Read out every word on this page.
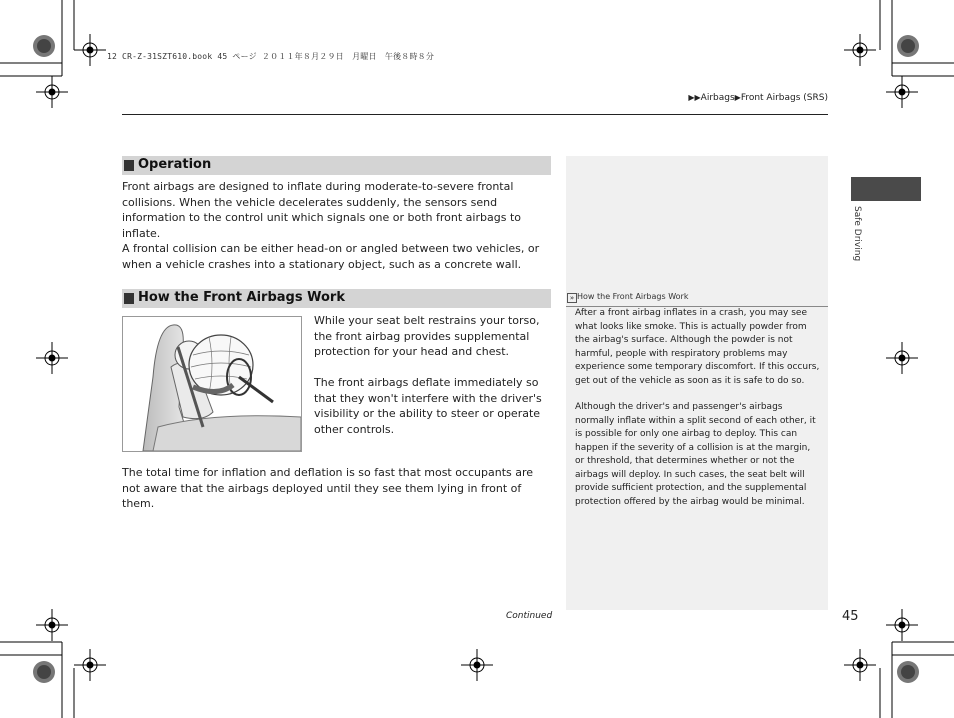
12 CR-Z-31SZT610.book 45 ページ ２０１１年８月２９日　月曜日　午後８時８分
▶▶Airbags▶Front Airbags (SRS)
Operation
Front airbags are designed to inflate during moderate-to-severe frontal collisions. When the vehicle decelerates suddenly, the sensors send information to the control unit which signals one or both front airbags to inflate.
A frontal collision can be either head-on or angled between two vehicles, or when a vehicle crashes into a stationary object, such as a concrete wall.
How the Front Airbags Work
While your seat belt restrains your torso, the front airbag provides supplemental protection for your head and chest.
The front airbags deflate immediately so that they won't interfere with the driver's visibility or the ability to steer or operate other controls.
The total time for inflation and deflation is so fast that most occupants are not aware that the airbags deployed until they see them lying in front of them.
» How the Front Airbags Work
After a front airbag inflates in a crash, you may see what looks like smoke. This is actually powder from the airbag's surface. Although the powder is not harmful, people with respiratory problems may experience some temporary discomfort. If this occurs, get out of the vehicle as soon as it is safe to do so.
Although the driver's and passenger's airbags normally inflate within a split second of each other, it is possible for only one airbag to deploy. This can happen if the severity of a collision is at the margin, or threshold, that determines whether or not the airbags will deploy. In such cases, the seat belt will provide sufficient protection, and the supplemental protection offered by the airbag would be minimal.
Safe Driving
Continued	45
